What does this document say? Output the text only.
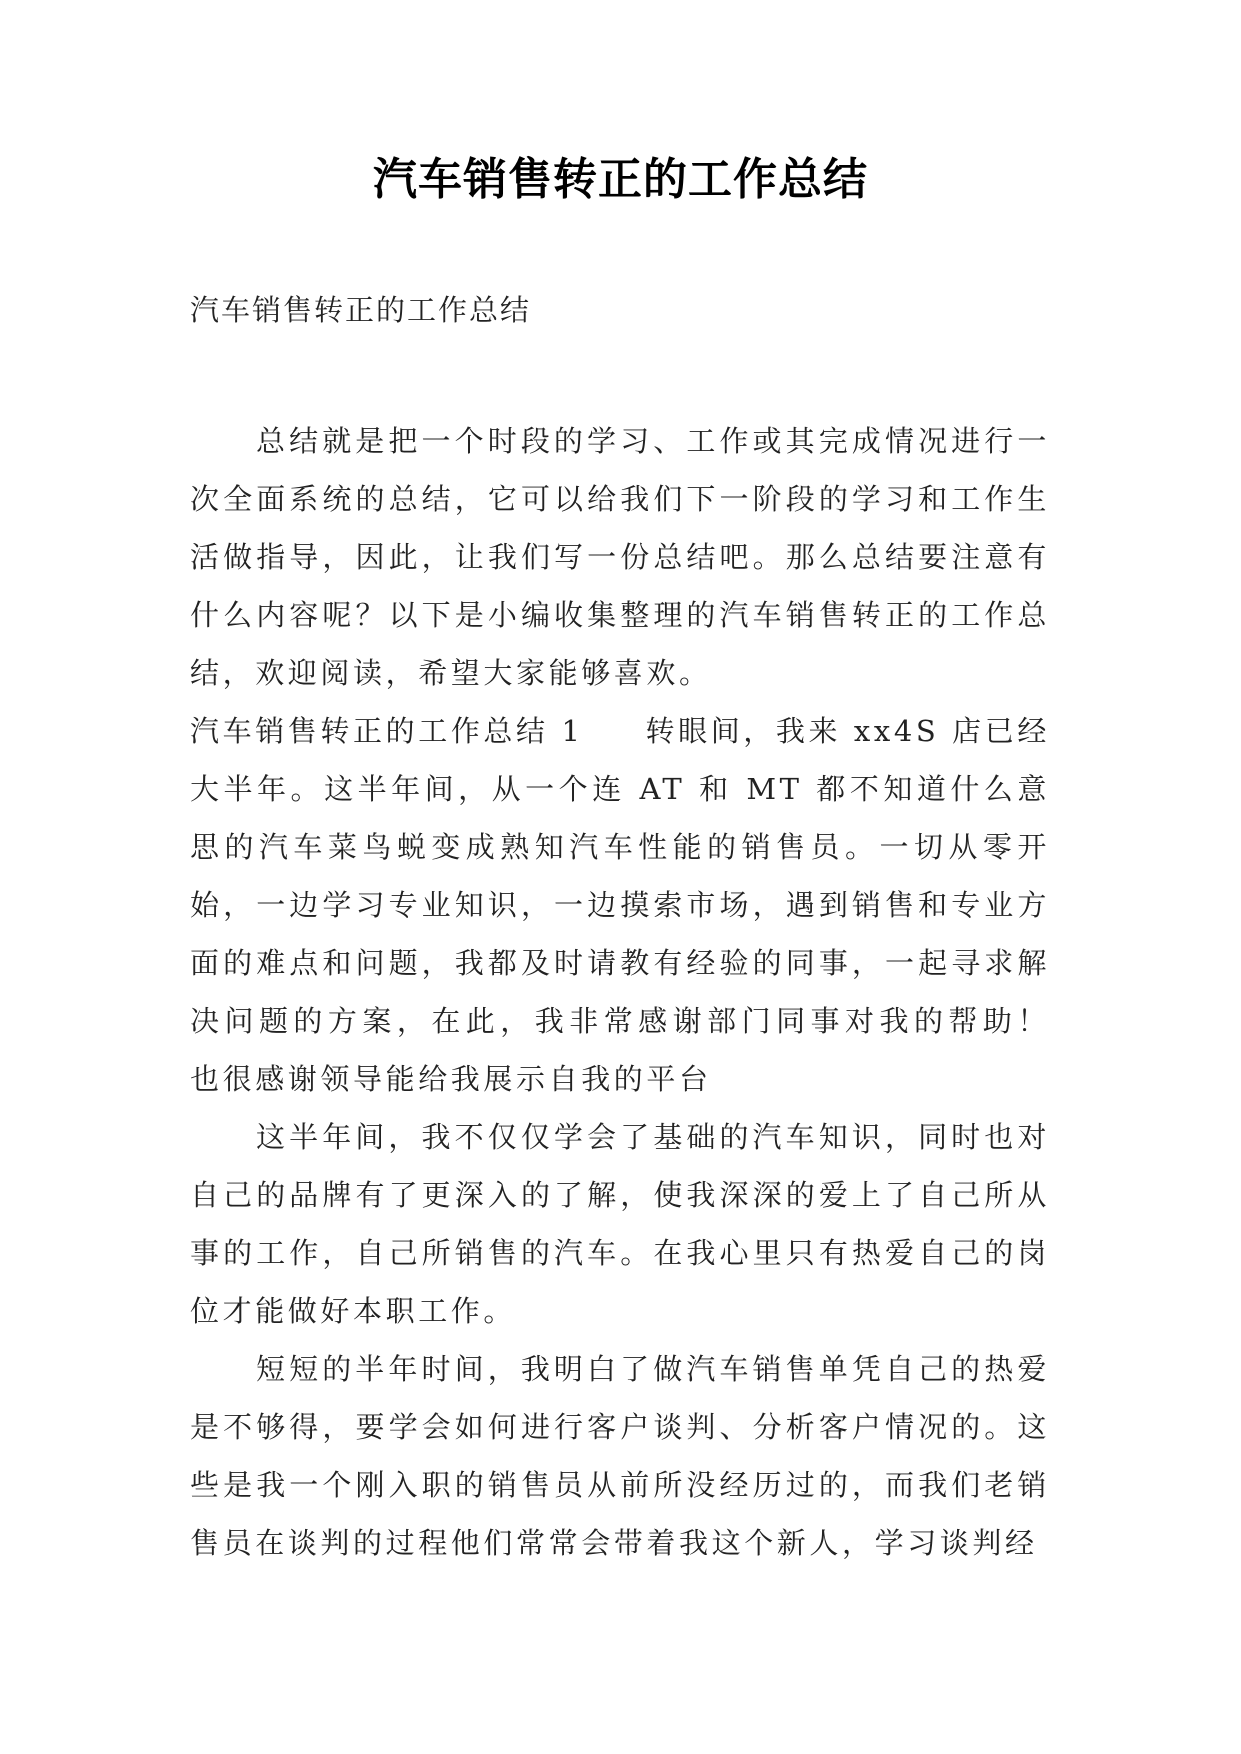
汽车销售转正的工作总结
汽车销售转正的工作总结

总结就是把一个时段的学习、工作或其完成情况进行一次全面系统的总结，它可以给我们下一阶段的学习和工作生活做指导，因此，让我们写一份总结吧。那么总结要注意有什么内容呢？以下是小编收集整理的汽车销售转正的工作总结，欢迎阅读，希望大家能够喜欢。

汽车销售转正的工作总结 1 转眼间，我来 xx4S 店已经大半年。这半年间，从一个连 AT 和 MT 都不知道什么意思的汽车菜鸟蜕变成熟知汽车性能的销售员。一切从零开始，一边学习专业知识，一边摸索市场，遇到销售和专业方面的难点和问题，我都及时请教有经验的同事，一起寻求解决问题的方案，在此，我非常感谢部门同事对我的帮助！ 也很感谢领导能给我展示自我的平台

这半年间，我不仅仅学会了基础的汽车知识，同时也对自己的品牌有了更深入的了解，使我深深的爱上了自己所从事的工作，自己所销售的汽车。在我心里只有热爱自己的岗位才能做好本职工作。

短短的半年时间，我明白了做汽车销售单凭自己的热爱是不够得，要学会如何进行客户谈判、分析客户情况的。这些是我一个刚入职的销售员从前所没经历过的，而我们老销售员在谈判的过程他们常常会带着我这个新人，学习谈判经
